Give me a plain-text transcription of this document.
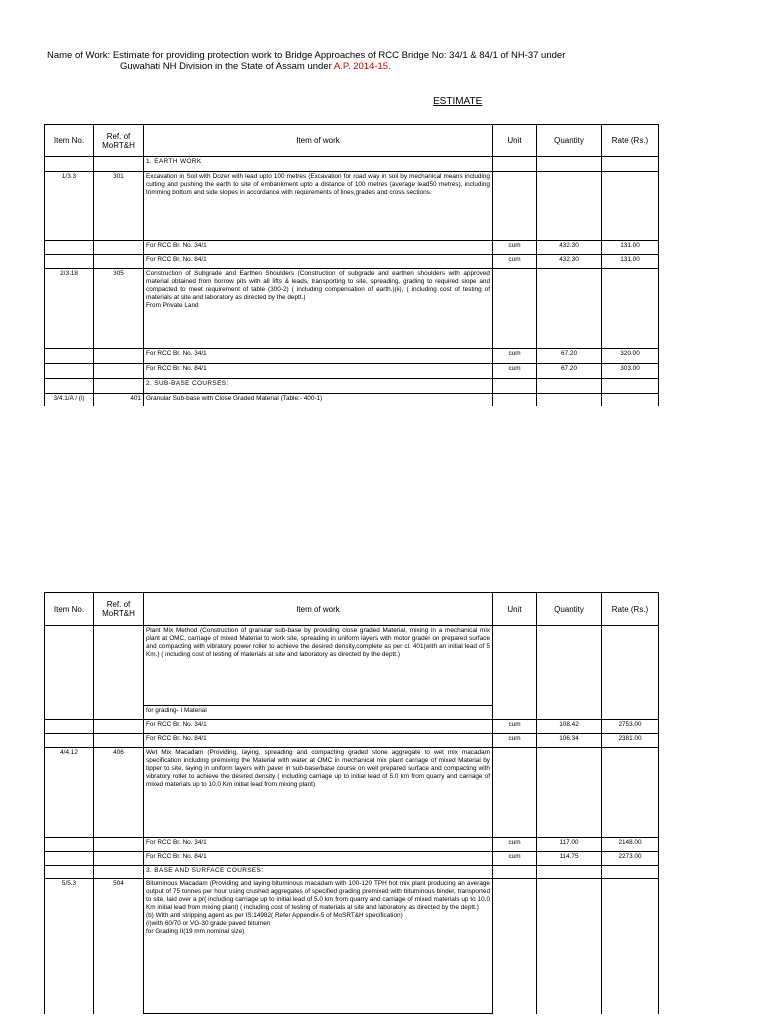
Name of Work: Estimate for providing protection work to Bridge Approaches of RCC Bridge No: 34/1 & 84/1 of NH-37 under
Guwahati NH Division in the State of Assam under A.P. 2014-15.
ESTIMATE
Item No.	Ref. of MoRT&H	Item of work	Unit	Quantity	Rate (Rs.)
		1. EARTH WORK			
1/3.3	301	Excavation in Soil with Dozer with lead upto 100 metres (Excavation for road way in soil by mechanical means including cutting and pushing the earth to site of embankment upto a distance of 100 metres (average lead50 metres), including trimming bottom and side slopes in accordance with requirements of lines,grades and cross sections.			
		For RCC Br. No. 34/1	cum	432.30	131.00
		For RCC Br. No. 84/1	cum	432.30	131.00
2/3.18	305	Construction of Subgrade and Earthen Shoulders (Construction of subgrade and earthen shoulders with approved material obtained from borrow pits with all lifts & leads, transporting to site, spreading, grading to required slope and compacted to meet requirement of table (300-2) ( including compensation of earth.)(ii), ( including cost of testing of materials at site and laboratory as directed by the deptt.)
From Private Land			

		For RCC Br. No. 34/1	cum	67.20	320.00
		For RCC Br. No. 84/1	cum	67.20	303.00
		2. SUB-BASE COURSES:			
3/4.1/A / (i)	401	Granular Sub-base with Close Graded Material (Table:- 400-1)			
Item No.	Ref. of MoRT&H	Item of work	Unit	Quantity	Rate (Rs.)
		Plant Mix Method (Construction of granular sub-base by providing close graded Material, mixing in a mechanical mix plant at OMC, carriage of mixed Material to work site, spreading in uniform layers with motor grader on prepared surface and compacting with vibratory power roller to achieve the desired density,complete as per cl. 401(with an initial lead of 5 Km.) ( including cost of testing of materials at site and laboratory as directed by the deptt.)			
		for grading- I Material			
		For RCC Br. No. 34/1	cum	108.42	2753.00
		For RCC Br. No. 84/1	cum	106.34	2381.00
4/4.12	406	Wet Mix Macadam (Providing, laying, spreading and compacting graded stone aggregate to wet mix macadam specification including premixing the Material with water at OMC in mechanical mix plant carriage of mixed Material by tipper to site, laying in uniform layers with paver in sub-base/base course on well prepared surface and compacting with vibratory roller to achieve the desired density ( including carriage up to initial lead of 5.0 km from quarry and carriage of mixed materials up to 10.0 Km initial lead from mixing plant)			
		For RCC Br. No. 34/1	cum	117.00	2148.00
		For RCC Br. No. 84/1	cum	114.75	2273.00
		3. BASE AND SURFACE COURSES:			
5/5.3	504	Bituminous Macadam (Providing and laying bituminous macadam with 100-120 TPH hot mix plant producing an average output of 75 tonnes per hour using crushed aggregates of specified grading premixed with bituminous binder, transported to site, laid over a pr( including carriage up to initial lead of 5.0 km from quarry and carriage of mixed materials up to 10.0 Km initial lead from mixing plant) ( including cost of testing of materials at site and laboratory as directed by the deptt.)
(b) With anti stripping agent as per IS:14982( Refer Appendix-5 of MoSRT&H specification)
(i)with 60/70 or VG-30 grade paved bitumen
for Grading II(19 mm nominal size)			
